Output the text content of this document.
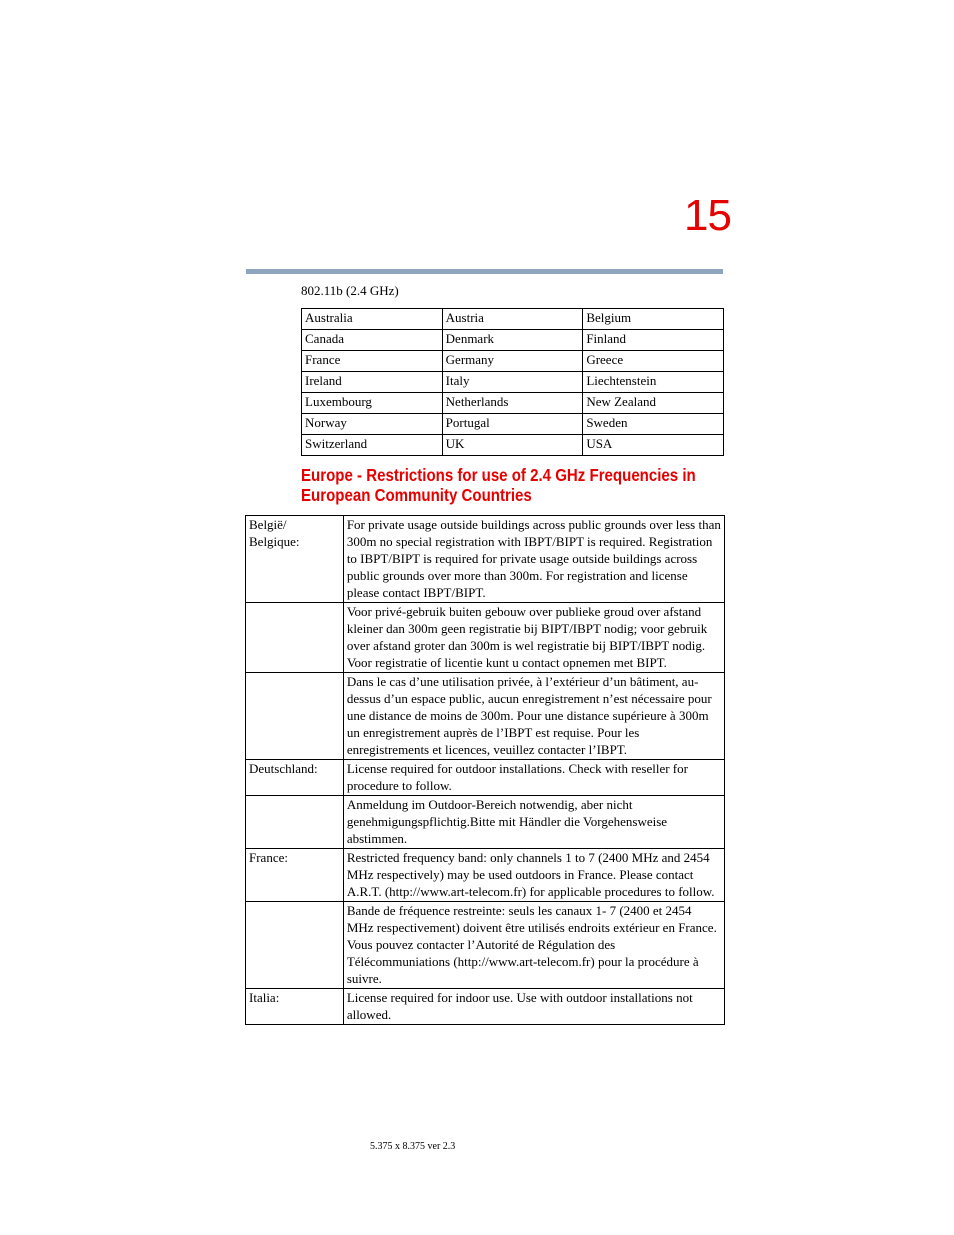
15
802.11b (2.4 GHz)
Australia	Austria	Belgium
Canada	Denmark	Finland
France	Germany	Greece
Ireland	Italy	Liechtenstein
Luxembourg	Netherlands	New Zealand
Norway	Portugal	Sweden
Switzerland	UK	USA
Europe - Restrictions for use of 2.4 GHz Frequencies in
European Community Countries
België/
Belgique:	For private usage outside buildings across public grounds over less than 300m no special registration with IBPT/BIPT is required. Registration to IBPT/BIPT is required for private usage outside buildings across public grounds over more than 300m. For registration and license please contact IBPT/BIPT.

	Voor privé-gebruik buiten gebouw over publieke groud over afstand kleiner dan 300m geen registratie bij BIPT/IBPT nodig; voor gebruik over afstand groter dan 300m is wel registratie bij BIPT/IBPT nodig. Voor registratie of licentie kunt u contact opnemen met BIPT.

	Dans le cas d’une utilisation privée, à l’extérieur d’un bâtiment, au-dessus d’un espace public, aucun enregistrement n’est nécessaire pour une distance de moins de 300m. Pour une distance supérieure à 300m un enregistrement auprès de l’IBPT est requise. Pour les enregistrements et licences, veuillez contacter l’IBPT.

Deutschland:	License required for outdoor installations. Check with reseller for procedure to follow.

	Anmeldung im Outdoor-Bereich notwendig, aber nicht genehmigungspflichtig.Bitte mit Händler die Vorgehensweise abstimmen.

France:	Restricted frequency band: only channels 1 to 7 (2400 MHz and 2454 MHz respectively) may be used outdoors in France. Please contact A.R.T. (http://www.art-telecom.fr) for applicable procedures to follow.

	Bande de fréquence restreinte: seuls les canaux 1- 7 (2400 et 2454 MHz respectivement) doivent être utilisés endroits extérieur en France. Vous pouvez contacter l’Autorité de Régulation des Télécommuniations (http://www.art-telecom.fr) pour la procédure à suivre.

Italia:	License required for indoor use. Use with outdoor installations not allowed.
5.375 x 8.375 ver 2.3
